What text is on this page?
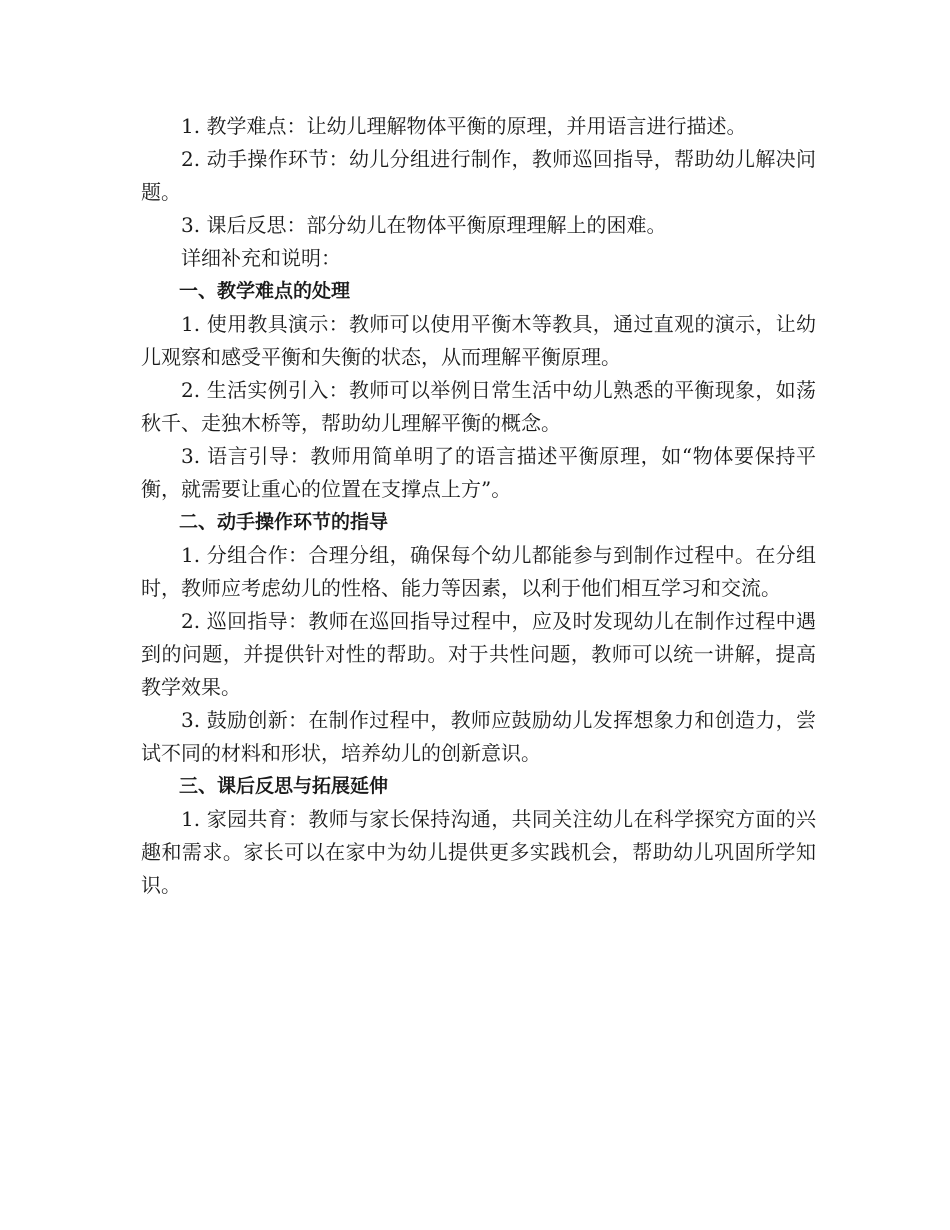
1. 教学难点：让幼儿理解物体平衡的原理，并用语言进行描述。

2. 动手操作环节：幼儿分组进行制作，教师巡回指导，帮助幼儿解决问题。

3. 课后反思：部分幼儿在物体平衡原理理解上的困难。

详细补充和说明：

一、教学难点的处理

1. 使用教具演示：教师可以使用平衡木等教具，通过直观的演示，让幼儿观察和感受平衡和失衡的状态，从而理解平衡原理。

2. 生活实例引入：教师可以举例日常生活中幼儿熟悉的平衡现象，如荡秋千、走独木桥等，帮助幼儿理解平衡的概念。

3. 语言引导：教师用简单明了的语言描述平衡原理，如“物体要保持平衡，就需要让重心的位置在支撑点上方”。

二、动手操作环节的指导

1. 分组合作：合理分组，确保每个幼儿都能参与到制作过程中。在分组时，教师应考虑幼儿的性格、能力等因素，以利于他们相互学习和交流。

2. 巡回指导：教师在巡回指导过程中，应及时发现幼儿在制作过程中遇到的问题，并提供针对性的帮助。对于共性问题，教师可以统一讲解，提高教学效果。

3. 鼓励创新：在制作过程中，教师应鼓励幼儿发挥想象力和创造力，尝试不同的材料和形状，培养幼儿的创新意识。

三、课后反思与拓展延伸

1. 家园共育：教师与家长保持沟通，共同关注幼儿在科学探究方面的兴趣和需求。家长可以在家中为幼儿提供更多实践机会，帮助幼儿巩固所学知识。
